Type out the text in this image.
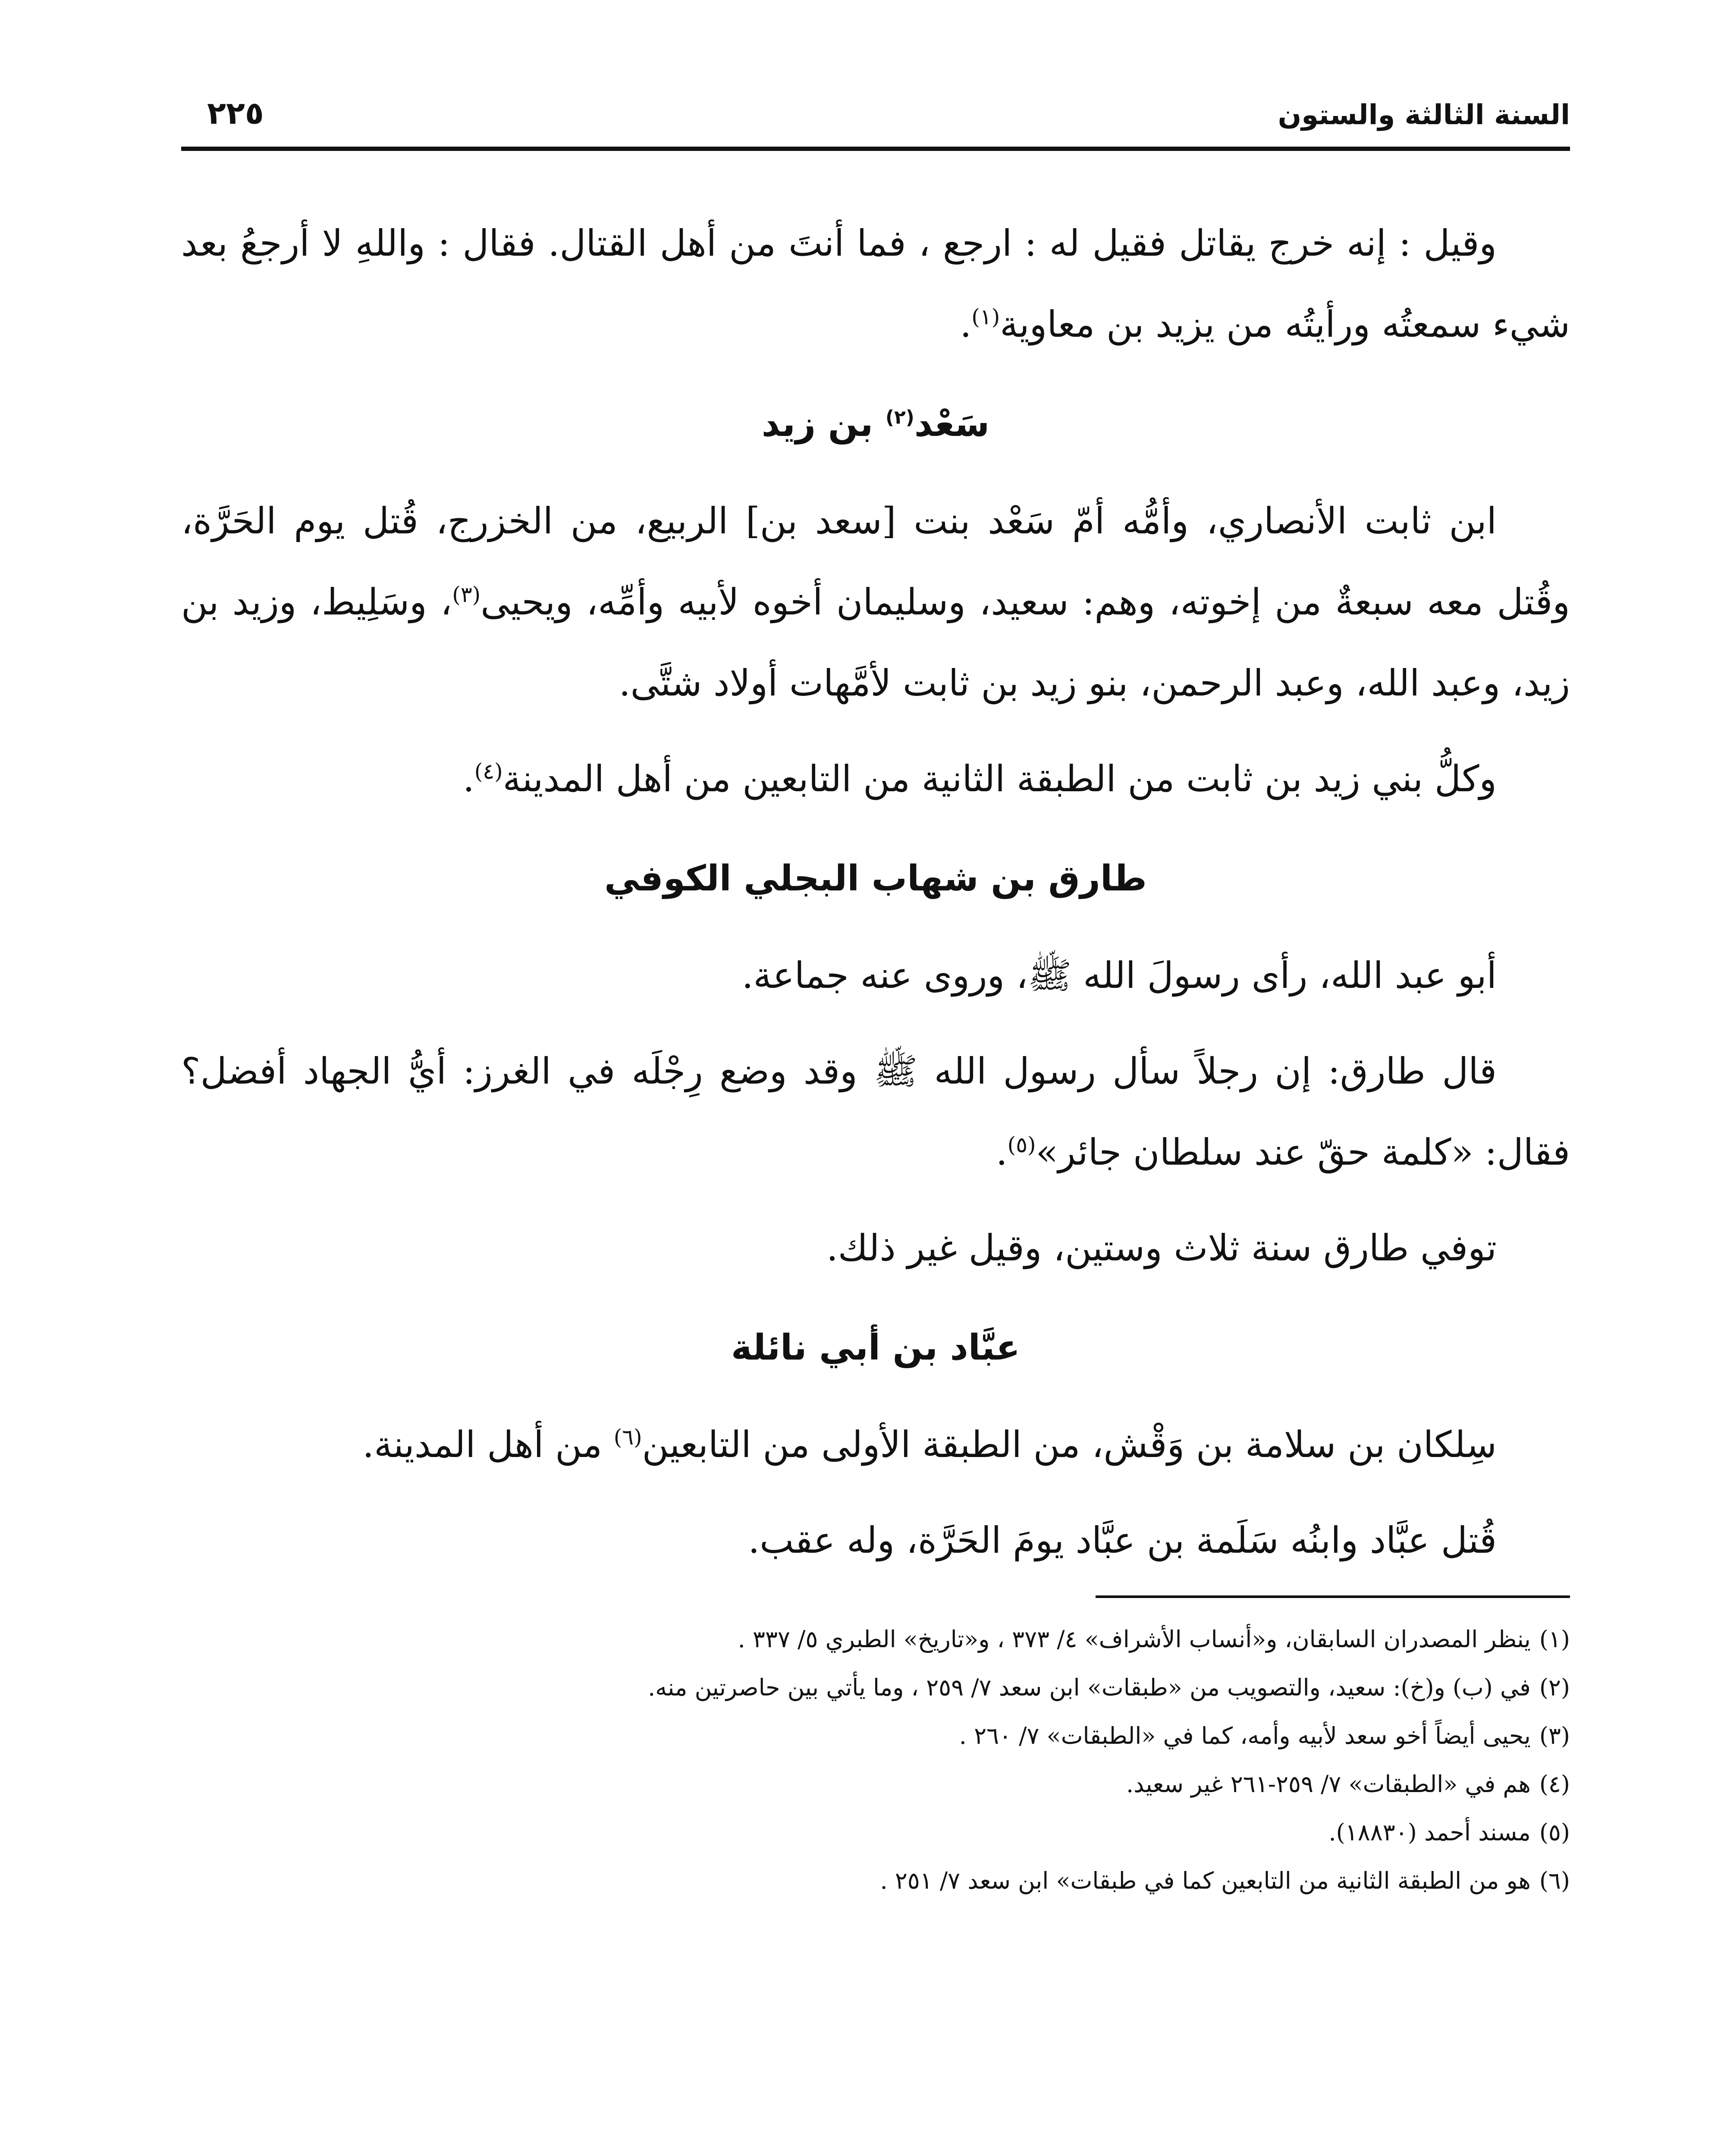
السنة الثالثة والستون
٢٢٥

وقيل : إنه خرج يقاتل فقيل له : ارجع ، فما أنتَ من أهل القتال. فقال : واللهِ لا أرجعُ بعد شيء سمعتُه ورأيتُه من يزيد بن معاوية$^{(١)}$.

سَعْد$^{(٢)}$ بن زيد

ابن ثابت الأنصاري، وأمُّه أمّ سَعْد بنت [سعد بن] الربيع، من الخزرج، قُتل يوم الحَرَّة، وقُتل معه سبعةٌ من إخوته، وهم: سعيد، وسليمان أخوه لأبيه وأمِّه، ويحيى$^{(٣)}$، وسَلِيط، وزيد بن زيد، وعبد الله، وعبد الرحمن، بنو زيد بن ثابت لأمَّهات أولاد شتَّى.

وكلُّ بني زيد بن ثابت من الطبقة الثانية من التابعين من أهل المدينة$^{(٤)}$.

طارق بن شهاب البجلي الكوفي

أبو عبد الله، رأى رسولَ الله ﷺ، وروى عنه جماعة.

قال طارق: إن رجلاً سأل رسول الله ﷺ وقد وضع رِجْلَه في الغرز: أيُّ الجهاد أفضل؟ فقال: «كلمة حقّ عند سلطان جائر»$^{(٥)}$.

توفي طارق سنة ثلاث وستين، وقيل غير ذلك.

عبَّاد بن أبي نائلة

سِلكان بن سلامة بن وَقْش، من الطبقة الأولى من التابعين$^{(٦)}$ من أهل المدينة.

قُتل عبَّاد وابنُه سَلَمة بن عبَّاد يومَ الحَرَّة، وله عقب.

(١)ينظر المصدران السابقان، و«أنساب الأشراف» ٤/ ٣٧٣ ، و«تاريخ» الطبري ٥/ ٣٣٧ .

(٢)في (ب) و(خ): سعيد، والتصويب من «طبقات» ابن سعد ٧/ ٢٥٩ ، وما يأتي بين حاصرتين منه.

(٣)يحيى أيضاً أخو سعد لأبيه وأمه، كما في «الطبقات» ٧/ ٢٦٠ .

(٤)هم في «الطبقات» ٧/ ٢٥٩-٢٦١ غير سعيد.

(٥)مسند أحمد (١٨٨٣٠).

(٦)هو من الطبقة الثانية من التابعين كما في طبقات» ابن سعد ٧/ ٢٥١ .
